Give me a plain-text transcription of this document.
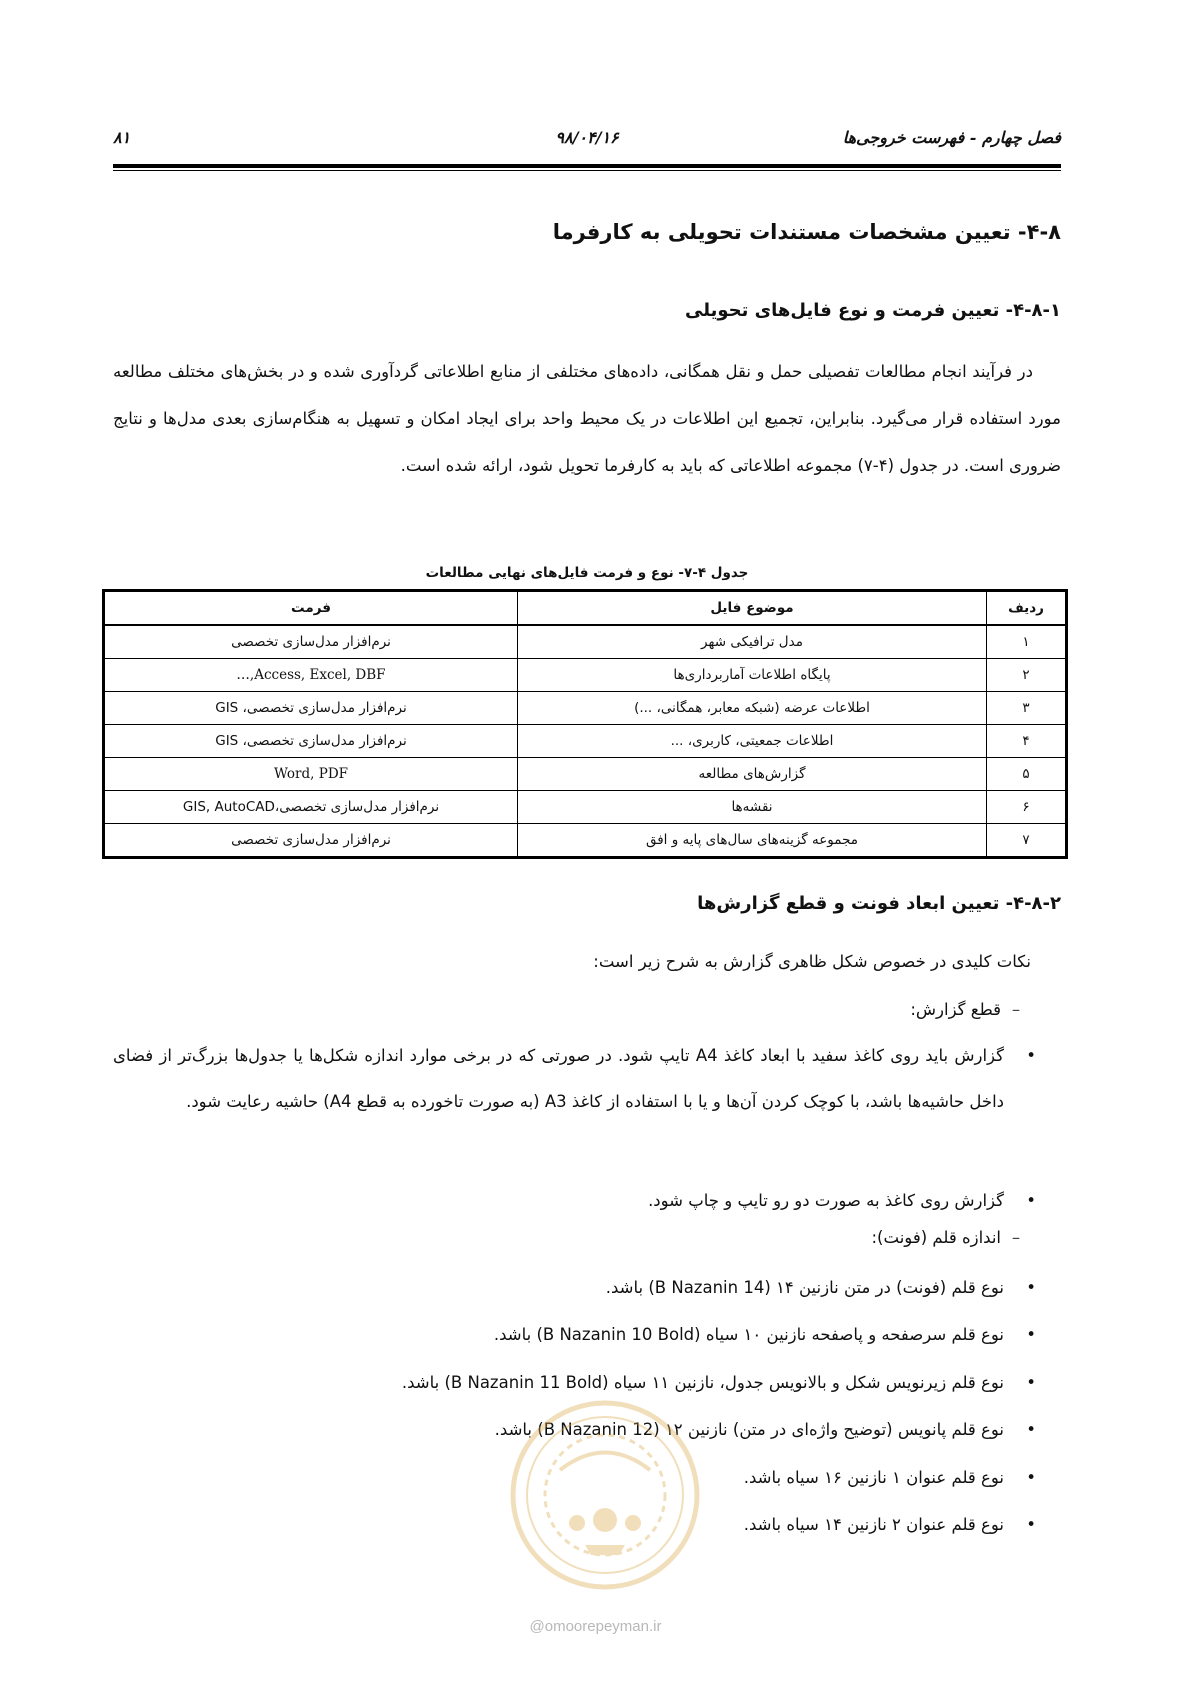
فصل چهارم - فهرست خروجی‌ها
۹۸/۰۴/۱۶
۸۱
۴-۸- تعیین مشخصات مستندات تحویلی به کارفرما
۴-۸-۱- تعیین فرمت و نوع فایل‌های تحویلی

در فرآیند انجام مطالعات تفصیلی حمل و نقل همگانی، داده‌های مختلفی از منابع اطلاعاتی گردآوری شده و در بخش‌های مختلف مطالعه مورد استفاده قرار می‌گیرد. بنابراین، تجمیع این اطلاعات در یک محیط واحد برای ایجاد امکان و تسهیل به هنگام‌سازی بعدی مدل‌ها و نتایج ضروری است. در جدول (۴-۷) مجموعه اطلاعاتی که باید به کارفرما تحویل شود، ارائه شده است.

جدول ۴-۷- نوع و فرمت فایل‌های نهایی مطالعات
ردیف	موضوع فایل	فرمت
۱	مدل ترافیکی شهر	نرم‌افزار مدل‌سازی تخصصی
۲	پایگاه اطلاعات آماربرداری‌ها	Access, Excel, DBF,…
۳	اطلاعات عرضه (شبکه معابر، همگانی، ...)	نرم‌افزار مدل‌سازی تخصصی، GIS
۴	اطلاعات جمعیتی، کاربری، ...	نرم‌افزار مدل‌سازی تخصصی، GIS
۵	گزارش‌های مطالعه	Word, PDF
۶	نقشه‌ها	نرم‌افزار مدل‌سازی تخصصی،GIS, AutoCAD
۷	مجموعه گزینه‌های سال‌های پایه و افق	نرم‌افزار مدل‌سازی تخصصی
۴-۸-۲- تعیین ابعاد فونت و قطع گزارش‌ها
نکات کلیدی در خصوص شکل ظاهری گزارش به شرح زیر است:
–قطع گزارش:

•
گزارش باید روی کاغذ سفید با ابعاد کاغذ A4 تایپ شود. در صورتی که در برخی موارد اندازه شکل‌ها یا جدول‌ها بزرگ‌تر از فضای داخل حاشیه‌ها باشد، با کوچک کردن آن‌ها و یا با استفاده از کاغذ A3 (به صورت تاخورده به قطع A4) حاشیه رعایت شود.

•
گزارش روی کاغذ به صورت دو رو تایپ و چاپ شود.

–اندازه قلم (فونت):

•
نوع قلم (فونت) در متن نازنین ۱۴ (B Nazanin 14) باشد.

•
نوع قلم سرصفحه و پاصفحه نازنین ۱۰ سیاه (B Nazanin 10 Bold) باشد.

•
نوع قلم زیرنویس شکل و بالانویس جدول، نازنین ۱۱ سیاه (B Nazanin 11 Bold) باشد.

•
نوع قلم پانویس (توضیح واژه‌ای در متن) نازنین ۱۲ (B Nazanin 12) باشد.

•
نوع قلم عنوان ۱ نازنین ۱۶ سیاه باشد.

•
نوع قلم عنوان ۲ نازنین ۱۴ سیاه باشد.

@omoorepeyman.ir
